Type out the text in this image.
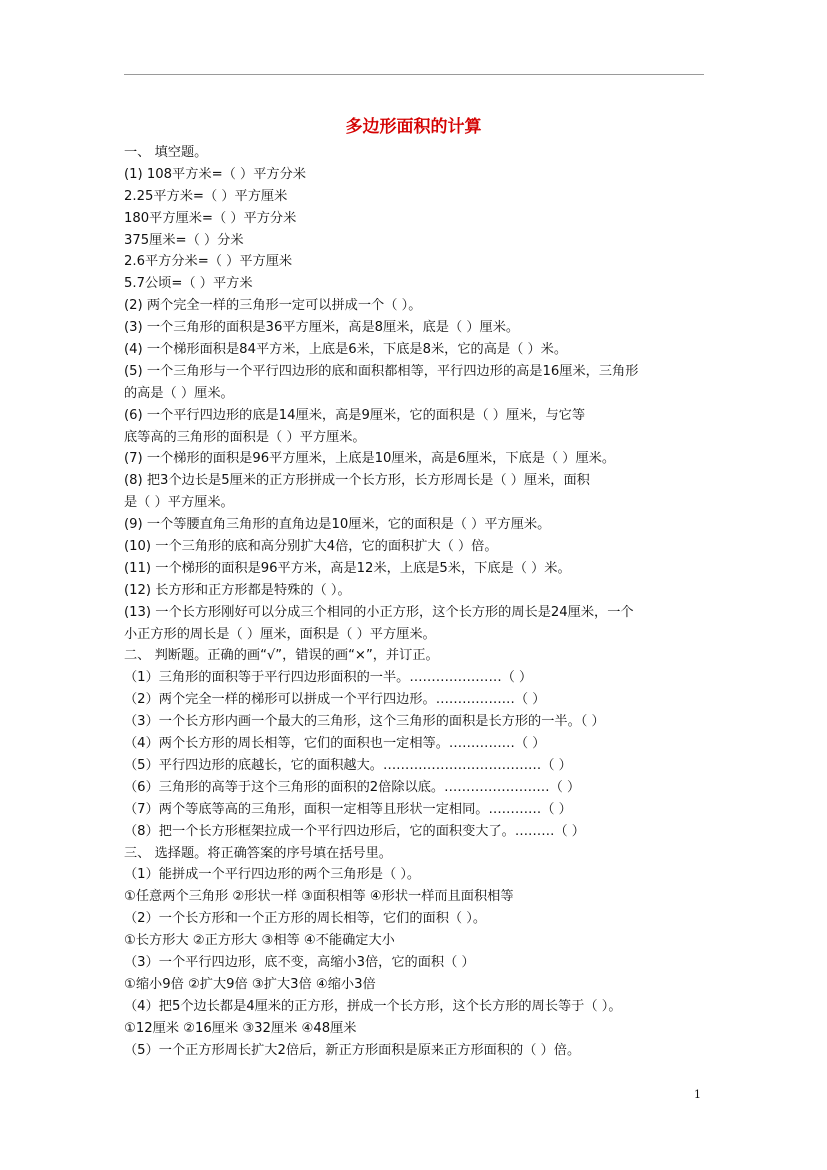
多边形面积的计算
一、 填空题。
(1) 108平方米=（ ）平方分米
2.25平方米=（ ）平方厘米
180平方厘米=（ ）平方分米
375厘米=（ ）分米
2.6平方分米=（ ）平方厘米
5.7公顷=（ ）平方米
(2) 两个完全一样的三角形一定可以拼成一个（ ）。
(3) 一个三角形的面积是36平方厘米，高是8厘米，底是（ ）厘米。
(4) 一个梯形面积是84平方米，上底是6米，下底是8米，它的高是（ ）米。
(5) 一个三角形与一个平行四边形的底和面积都相等，平行四边形的高是16厘米，三角形
的高是（ ）厘米。
(6) 一个平行四边形的底是14厘米，高是9厘米，它的面积是（ ）厘米，与它等
底等高的三角形的面积是（ ）平方厘米。
(7) 一个梯形的面积是96平方厘米，上底是10厘米，高是6厘米，下底是（ ）厘米。
(8) 把3个边长是5厘米的正方形拼成一个长方形，长方形周长是（ ）厘米，面积
是（ ）平方厘米。
(9) 一个等腰直角三角形的直角边是10厘米，它的面积是（ ）平方厘米。
(10) 一个三角形的底和高分别扩大4倍，它的面积扩大（ ）倍。
(11) 一个梯形的面积是96平方米，高是12米，上底是5米，下底是（ ）米。
(12) 长方形和正方形都是特殊的（ ）。
(13) 一个长方形刚好可以分成三个相同的小正方形，这个长方形的周长是24厘米，一个
小正方形的周长是（ ）厘米，面积是（ ）平方厘米。
二、 判断题。正确的画“√”，错误的画“×”，并订正。
（1）三角形的面积等于平行四边形面积的一半。…………………（ ）
（2）两个完全一样的梯形可以拼成一个平行四边形。………………（ ）
（3）一个长方形内画一个最大的三角形，这个三角形的面积是长方形的一半。（ ）
（4）两个长方形的周长相等，它们的面积也一定相等。……………（ ）
（5）平行四边形的底越长，它的面积越大。………………………………（ ）
（6）三角形的高等于这个三角形的面积的2倍除以底。……………………（ ）
（7）两个等底等高的三角形，面积一定相等且形状一定相同。…………（ ）
（8）把一个长方形框架拉成一个平行四边形后，它的面积变大了。………（ ）
三、 选择题。将正确答案的序号填在括号里。
（1）能拼成一个平行四边形的两个三角形是（ ）。
①任意两个三角形 ②形状一样 ③面积相等 ④形状一样而且面积相等
（2）一个长方形和一个正方形的周长相等，它们的面积（ ）。
①长方形大 ②正方形大 ③相等 ④不能确定大小
（3）一个平行四边形，底不变，高缩小3倍，它的面积（ ）
①缩小9倍 ②扩大9倍 ③扩大3倍 ④缩小3倍
（4）把5个边长都是4厘米的正方形，拼成一个长方形，这个长方形的周长等于（ ）。
①12厘米 ②16厘米 ③32厘米 ④48厘米
（5）一个正方形周长扩大2倍后，新正方形面积是原来正方形面积的（ ）倍。
1
